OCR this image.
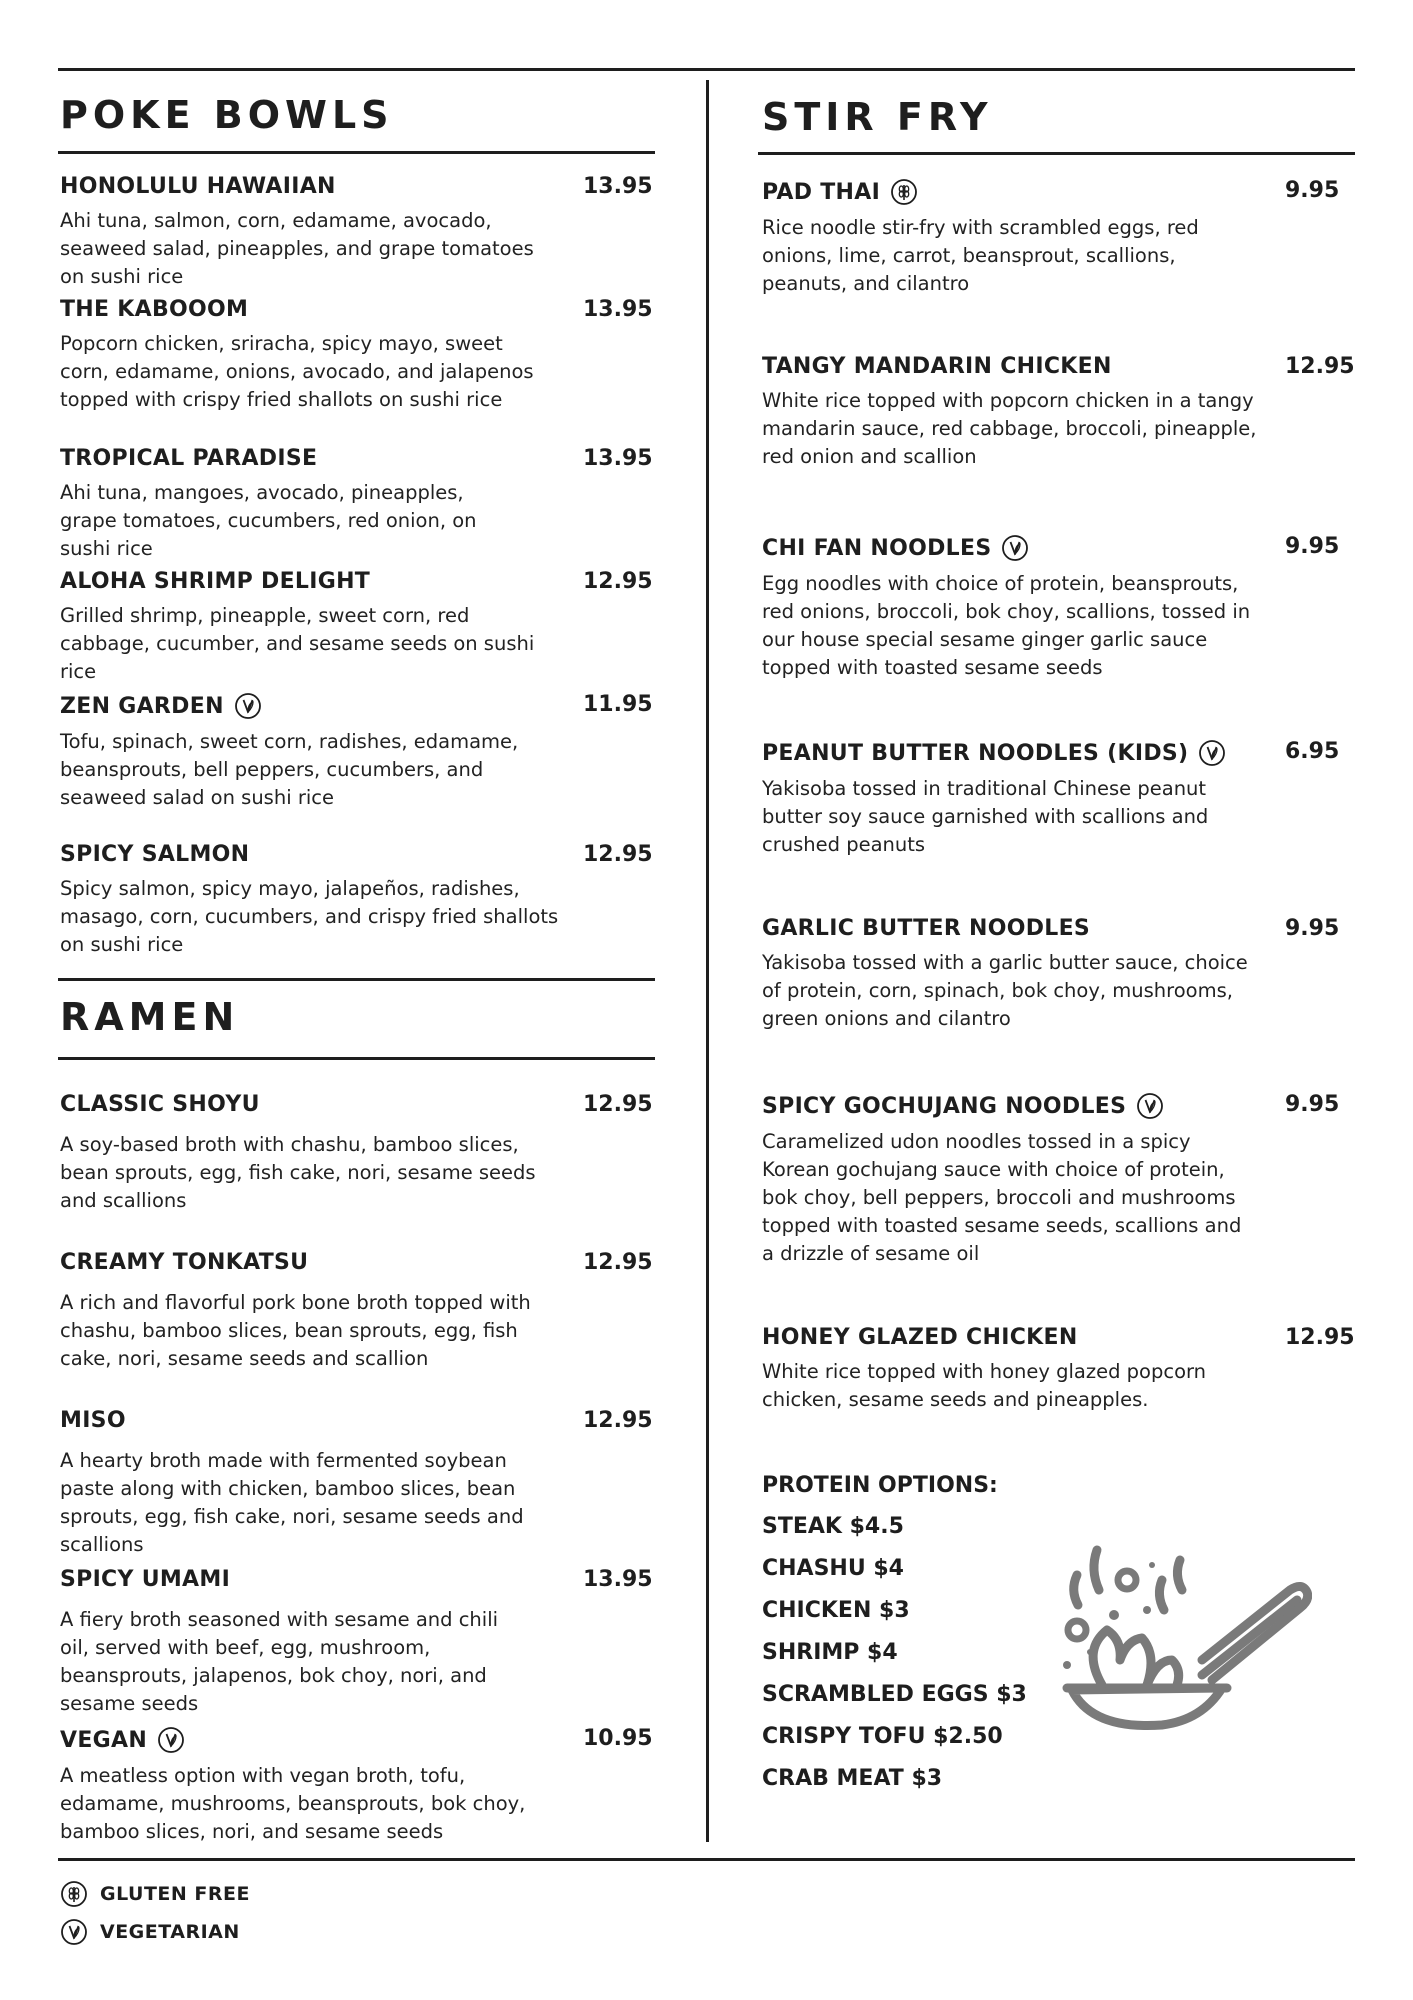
POKE BOWLS
HONOLULU HAWAIIAN	13.95
Ahi tuna, salmon, corn, edamame, avocado, seaweed salad, pineapples, and grape tomatoes on sushi rice
THE KABOOOM	13.95
Popcorn chicken, sriracha, spicy mayo, sweet corn, edamame, onions, avocado, and jalapenos topped with crispy fried shallots on sushi rice
TROPICAL PARADISE	13.95
Ahi tuna, mangoes, avocado, pineapples, grape tomatoes, cucumbers, red onion, on sushi rice
ALOHA SHRIMP DELIGHT	12.95
Grilled shrimp, pineapple, sweet corn, red cabbage, cucumber, and sesame seeds on sushi rice
ZEN GARDEN	11.95
Tofu, spinach, sweet corn, radishes, edamame, beansprouts, bell peppers, cucumbers, and seaweed salad on sushi rice
SPICY SALMON	12.95
Spicy salmon, spicy mayo, jalapeños, radishes, masago, corn, cucumbers, and crispy fried shallots on sushi rice
RAMEN
CLASSIC SHOYU	12.95
A soy-based broth with chashu, bamboo slices, bean sprouts, egg, fish cake, nori, sesame seeds and scallions
CREAMY TONKATSU	12.95
A rich and flavorful pork bone broth topped with chashu, bamboo slices, bean sprouts, egg, fish cake, nori, sesame seeds and scallion
MISO	12.95
A hearty broth made with fermented soybean paste along with chicken, bamboo slices, bean sprouts, egg, fish cake, nori, sesame seeds and scallions
SPICY UMAMI	13.95
A fiery broth seasoned with sesame and chili oil, served with beef, egg, mushroom, beansprouts, jalapenos, bok choy, nori, and sesame seeds
VEGAN	10.95
A meatless option with vegan broth, tofu, edamame, mushrooms, beansprouts, bok choy, bamboo slices, nori, and sesame seeds
STIR FRY
PAD THAI	9.95
Rice noodle stir-fry with scrambled eggs, red onions, lime, carrot, beansprout, scallions, peanuts, and cilantro
TANGY MANDARIN CHICKEN	12.95
White rice topped with popcorn chicken in a tangy mandarin sauce, red cabbage, broccoli, pineapple, red onion and scallion
CHI FAN NOODLES	9.95
Egg noodles with choice of protein, beansprouts, red onions, broccoli, bok choy, scallions, tossed in our house special sesame ginger garlic sauce topped with toasted sesame seeds
PEANUT BUTTER NOODLES (KIDS)	6.95
Yakisoba tossed in traditional Chinese peanut butter soy sauce garnished with scallions and crushed peanuts
GARLIC BUTTER NOODLES	9.95
Yakisoba tossed with a garlic butter sauce, choice of protein, corn, spinach, bok choy, mushrooms, green onions and cilantro
SPICY GOCHUJANG NOODLES	9.95
Caramelized udon noodles tossed in a spicy Korean gochujang sauce with choice of protein, bok choy, bell peppers, broccoli and mushrooms topped with toasted sesame seeds, scallions and a drizzle of sesame oil
HONEY GLAZED CHICKEN	12.95
White rice topped with honey glazed popcorn chicken, sesame seeds and pineapples.
PROTEIN OPTIONS:
STEAK $4.5
CHASHU $4
CHICKEN $3
SHRIMP $4
SCRAMBLED EGGS $3
CRISPY TOFU $2.50
CRAB MEAT $3
GLUTEN FREE
VEGETARIAN
